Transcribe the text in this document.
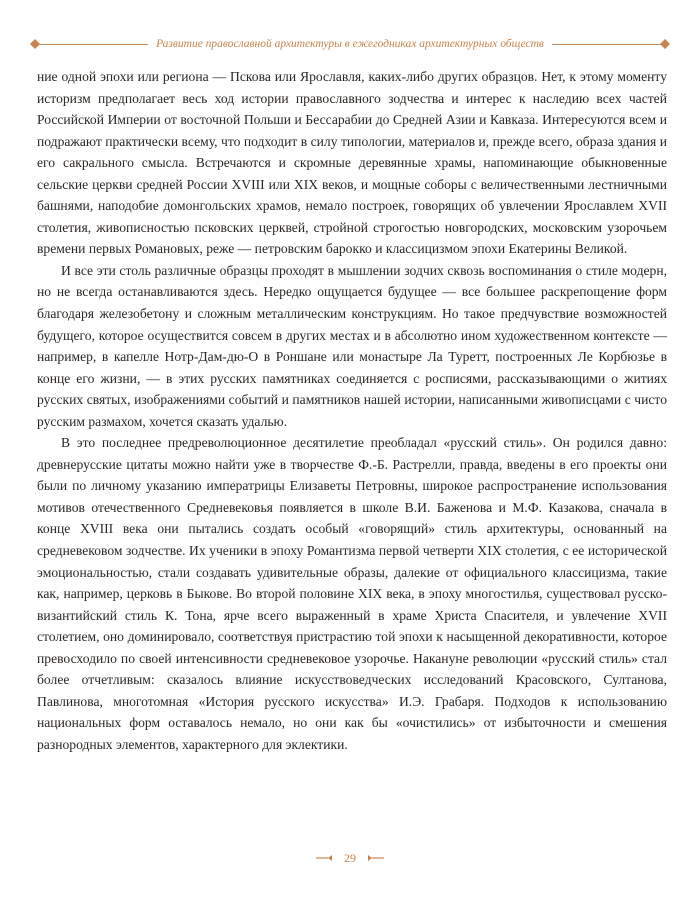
Развитие православной архитектуры в ежегодниках архитектурных обществ

ние одной эпохи или региона — Пскова или Ярославля, каких-либо других образцов. Нет, к этому моменту историзм предполагает весь ход истории православного зодчества и интерес к наследию всех частей Российской Империи от восточной Польши и Бессарабии до Средней Азии и Кавказа. Интересуются всем и подражают практически всему, что подходит в силу типологии, материалов и, прежде всего, образа здания и его сакрального смысла. Встречаются и скромные деревянные храмы, напоминающие обыкновенные сельские церкви средней России XVIII или XIX веков, и мощные соборы с величественными лестничными башнями, наподобие домонгольских храмов, немало построек, говорящих об увлечении Ярославлем XVII столетия, живописностью псковских церквей, стройной строгостью новгородских, московским узорочьем времени первых Романовых, реже — петровским барокко и классицизмом эпохи Екатерины Великой.

И все эти столь различные образцы проходят в мышлении зодчих сквозь воспоминания о стиле модерн, но не всегда останавливаются здесь. Нередко ощущается будущее — все большее раскрепощение форм благодаря железобетону и сложным металлическим конструкциям. Но такое предчувствие возможностей будущего, которое осуществится совсем в других местах и в абсолютно ином художественном контексте — например, в капелле Нотр-Дам-дю-О в Роншане или монастыре Ла Туретт, построенных Ле Корбюзье в конце его жизни, — в этих русских памятниках соединяется с росписями, рассказывающими о житиях русских святых, изображениями событий и памятников нашей истории, написанными живописцами с чисто русским размахом, хочется сказать удалью.

В это последнее предреволюционное десятилетие преобладал «русский стиль». Он родился давно: древнерусские цитаты можно найти уже в творчестве Ф.-Б. Растрелли, правда, введены в его проекты они были по личному указанию императрицы Елизаветы Петровны, широкое распространение использования мотивов отечественного Средневековья появляется в школе В.И. Баженова и М.Ф. Казакова, сначала в конце XVIII века они пытались создать особый «говорящий» стиль архитектуры, основанный на средневековом зодчестве. Их ученики в эпоху Романтизма первой четверти XIX столетия, с ее исторической эмоциональностью, стали создавать удивительные образы, далекие от официального классицизма, такие как, например, церковь в Быкове. Во второй половине XIX века, в эпоху многостилья, существовал русско-византийский стиль К. Тона, ярче всего выраженный в храме Христа Спасителя, и увлечение XVII столетием, оно доминировало, соответствуя пристрастию той эпохи к насыщенной декоративности, которое превосходило по своей интенсивности средневековое узорочье. Накануне революции «русский стиль» стал более отчетливым: сказалось влияние искусствоведческих исследований Красовского, Султанова, Павлинова, многотомная «История русского искусства» И.Э. Грабаря. Подходов к использованию национальных форм оставалось немало, но они как бы «очистились» от избыточности и смешения разнородных элементов, характерного для эклектики.

29
